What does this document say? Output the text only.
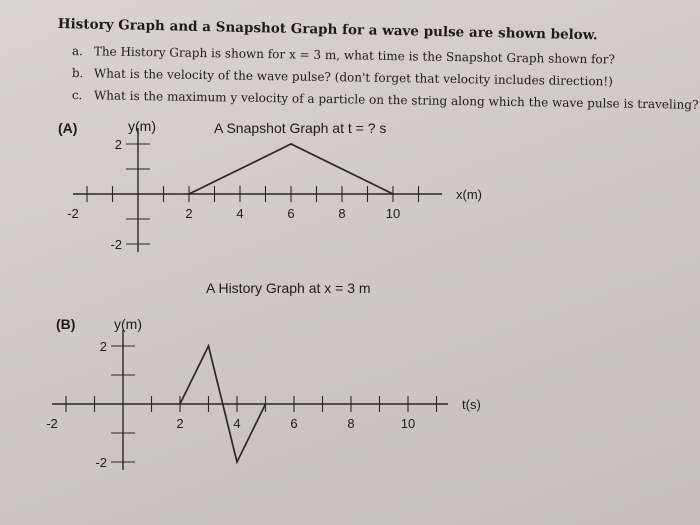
History Graph and a Snapshot Graph for a wave pulse are shown below.
a. The History Graph is shown for x = 3 m, what time is the Snapshot Graph shown for?
b. What is the velocity of the wave pulse? (don't forget that velocity includes direction!)
c. What is the maximum y velocity of a particle on the string along which the wave pulse is traveling?
(A)	y(m)	A Snapshot Graph at t = ? s
A History Graph at x = 3 m
(B)	y(m)
-2	2	4	6	8	10
2
-2
x(m)
-2	2	4	6	8	10
2
-2
t(s)
